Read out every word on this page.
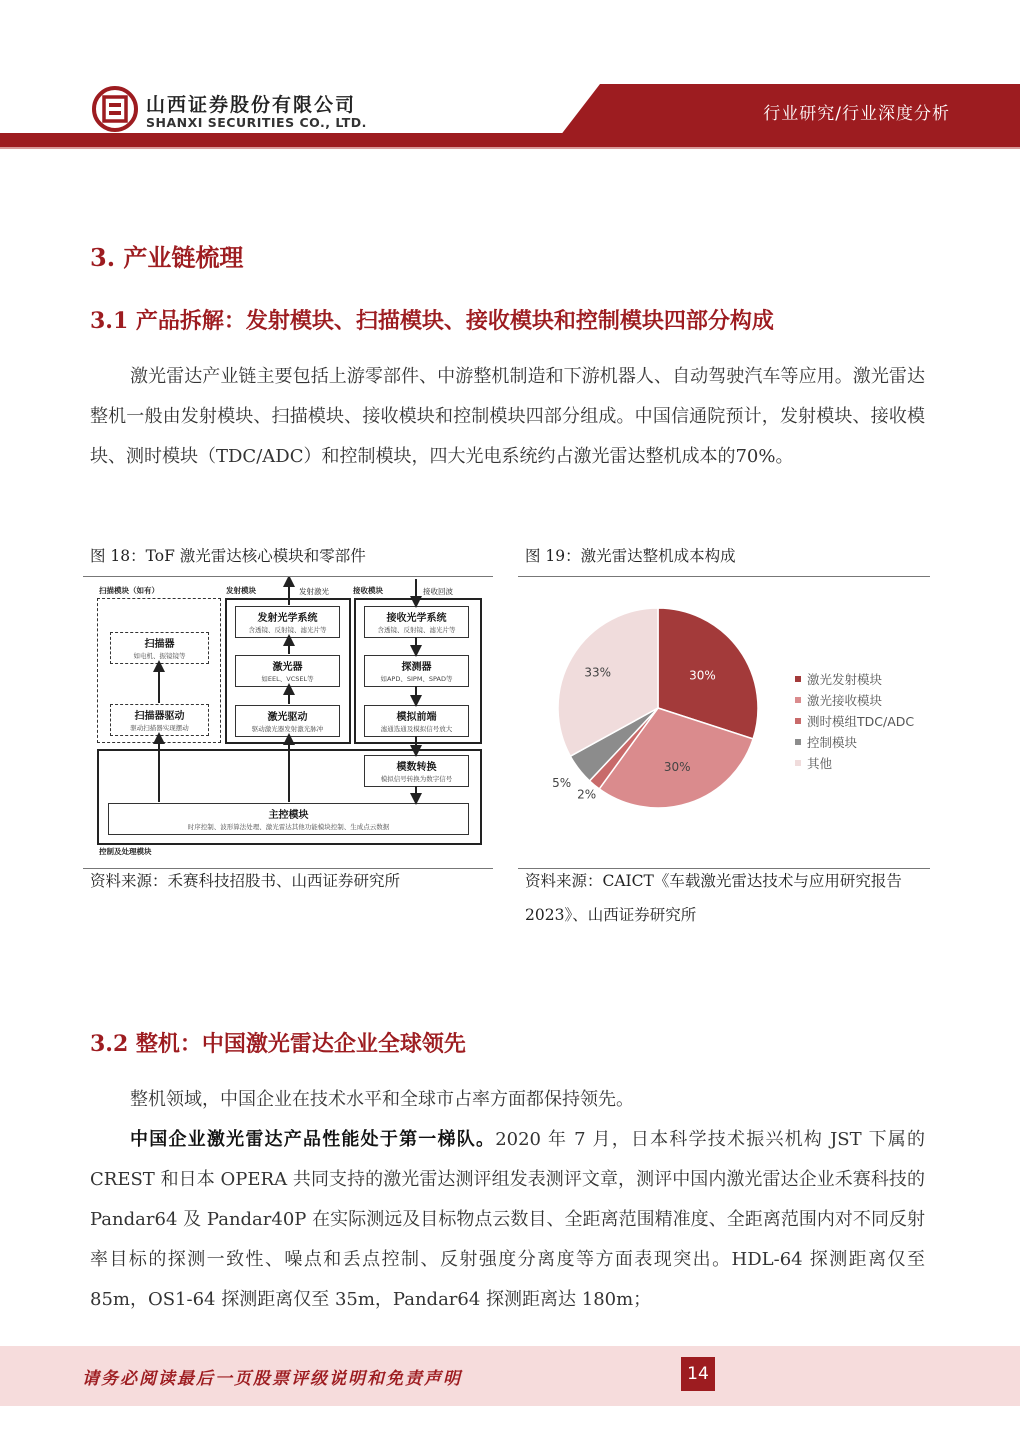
行业研究/行业深度分析
山西证券股份有限公司
SHANXI SECURITIES CO., LTD.
3. 产业链梳理
3.1 产品拆解：发射模块、扫描模块、接收模块和控制模块四部分构成
激光雷达产业链主要包括上游零部件、中游整机制造和下游机器人、自动驾驶汽车等应用。激光雷达整机一般由发射模块、扫描模块、接收模块和控制模块四部分组成。中国信通院预计，发射模块、接收模块、测时模块（TDC/ADC）和控制模块，四大光电系统约占激光雷达整机成本的70%。
图 18：ToF 激光雷达核心模块和零部件
扫描模块（如有）	发射模块	发射激光	接收模块	接收回波
扫描器
如电机、振镜镜等
扫描器驱动
驱动扫描器实现摆动
发射光学系统
含透镜、反射镜、滤光片等
激光器
如EEL、VCSEL等
激光驱动
驱动激光器发射激光脉冲
接收光学系统
含透镜、反射镜、滤光片等
探测器
如APD、SIPM、SPAD等
模拟前端
滤通选通及模拟信号放大
模数转换
模拟信号转换为数字信号
主控模块
时序控制、波形算法处理、激光雷达其他功能模块控制、生成点云数据
控制及处理模块
资料来源：禾赛科技招股书、山西证券研究所
图 19：激光雷达整机成本构成
30%
30%
2%
5%
33%	激光发射模块
激光接收模块
测时模组TDC/ADC
控制模块
其他
资料来源：CAICT《车载激光雷达技术与应用研究报告 2023》、山西证券研究所
3.2 整机：中国激光雷达企业全球领先
整机领域，中国企业在技术水平和全球市占率方面都保持领先。
中国企业激光雷达产品性能处于第一梯队。2020 年 7 月，日本科学技术振兴机构 JST 下属的 CREST 和日本 OPERA 共同支持的激光雷达测评组发表测评文章，测评中国内激光雷达企业禾赛科技的 Pandar64 及 Pandar40P 在实际测远及目标物点云数目、全距离范围精准度、全距离范围内对不同反射率目标的探测一致性、噪点和丢点控制、反射强度分离度等方面表现突出。HDL-64 探测距离仅至 85m，OS1-64 探测距离仅至 35m，Pandar64 探测距离达 180m；
请务必阅读最后一页股票评级说明和免责声明	14
